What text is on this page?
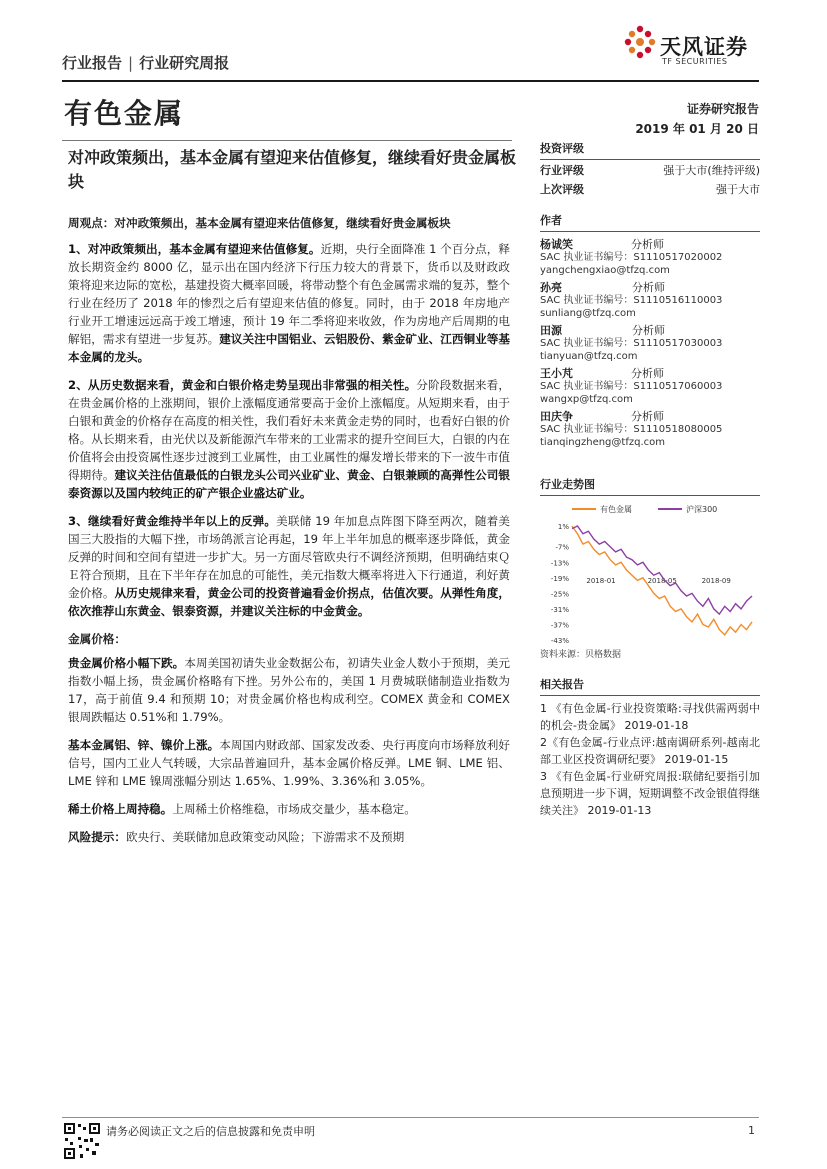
行业报告 | 行业研究周报
天风证券
TF SECURITIES
有色金属	证券研究报告
2019 年 01 月 20 日
对冲政策频出，基本金属有望迎来估值修复，继续看好贵金属板块

周观点：对冲政策频出，基本金属有望迎来估值修复，继续看好贵金属板块

1、对冲政策频出，基本金属有望迎来估值修复。近期，央行全面降准 1 个百分点，释放长期资金约 8000 亿，显示出在国内经济下行压力较大的背景下，货币以及财政政策将迎来边际的宽松，基建投资大概率回暖，将带动整个有色金属需求端的复苏，整个行业在经历了 2018 年的惨烈之后有望迎来估值的修复。同时，由于 2018 年房地产行业开工增速远远高于竣工增速，预计 19 年二季将迎来收敛，作为房地产后周期的电解铝，需求有望进一步复苏。建议关注中国铝业、云铝股份、紫金矿业、江西铜业等基本金属的龙头。

2、从历史数据来看，黄金和白银价格走势呈现出非常强的相关性。分阶段数据来看，在贵金属价格的上涨期间，银价上涨幅度通常要高于金价上涨幅度。从短期来看，由于白银和黄金的价格存在高度的相关性，我们看好未来黄金走势的同时，也看好白银的价格。从长期来看，由光伏以及新能源汽车带来的工业需求的提升空间巨大，白银的内在价值将会由投资属性逐步过渡到工业属性，由工业属性的爆发增长带来的下一波牛市值得期待。建议关注估值最低的白银龙头公司兴业矿业、黄金、白银兼顾的高弹性公司银泰资源以及国内较纯正的矿产银企业盛达矿业。

3、继续看好黄金维持半年以上的反弹。美联储 19 年加息点阵图下降至两次，随着美国三大股指的大幅下挫，市场鸽派言论再起，19 年上半年加息的概率逐步降低，黄金反弹的时间和空间有望进一步扩大。另一方面尽管欧央行不调经济预期，但明确结束ＱＥ符合预期，且在下半年存在加息的可能性，美元指数大概率将进入下行通道，利好黄金价格。从历史规律来看，黄金公司的投资普遍看金价拐点，估值次要。从弹性角度，依次推荐山东黄金、银泰资源，并建议关注标的中金黄金。

金属价格：

贵金属价格小幅下跌。本周美国初请失业金数据公布，初请失业金人数小于预期，美元指数小幅上扬，贵金属价格略有下挫。另外公布的，美国 1 月费城联储制造业指数为 17，高于前值 9.4 和预期 10；对贵金属价格也构成利空。COMEX 黄金和 COMEX 银周跌幅达 0.51%和 1.79%。

基本金属铝、锌、镍价上涨。本周国内财政部、国家发改委、央行再度向市场释放利好信号，国内工业人气转暖，大宗品普遍回升，基本金属价格反弹。LME 铜、LME 铝、LME 锌和 LME 镍周涨幅分别达 1.65%、1.99%、3.36%和 3.05%。

稀土价格上周持稳。上周稀土价格维稳，市场成交量少，基本稳定。

风险提示：欧央行、美联储加息政策变动风险；下游需求不及预期

投资评级
行业评级	强于大市(维持评级)
上次评级	强于大市
作者
杨诚笑	分析师
SAC 执业证书编号：S1110517020002
yangchengxiao@tfzq.com
孙亮	分析师
SAC 执业证书编号：S1110516110003
sunliang@tfzq.com
田源	分析师
SAC 执业证书编号：S1110517030003
tianyuan@tfzq.com
王小芃	分析师
SAC 执业证书编号：S1110517060003
wangxp@tfzq.com
田庆争	分析师
SAC 执业证书编号：S1110518080005
tianqingzheng@tfzq.com
行业走势图
有色金属	沪深300
1%
-7%
-13%
-19%
-25%
-31%
-37%
-43%
2018-01	2018-05	2018-09
资料来源：贝格数据
相关报告
1 《有色金属-行业投资策略:寻找供需两弱中的机会-贵金属》 2019-01-18
2《有色金属-行业点评:越南调研系列-越南北部工业区投资调研纪要》 2019-01-15
3 《有色金属-行业研究周报:联储纪要指引加息预期进一步下调，短期调整不改金银值得继续关注》 2019-01-13
请务必阅读正文之后的信息披露和免责申明	1
